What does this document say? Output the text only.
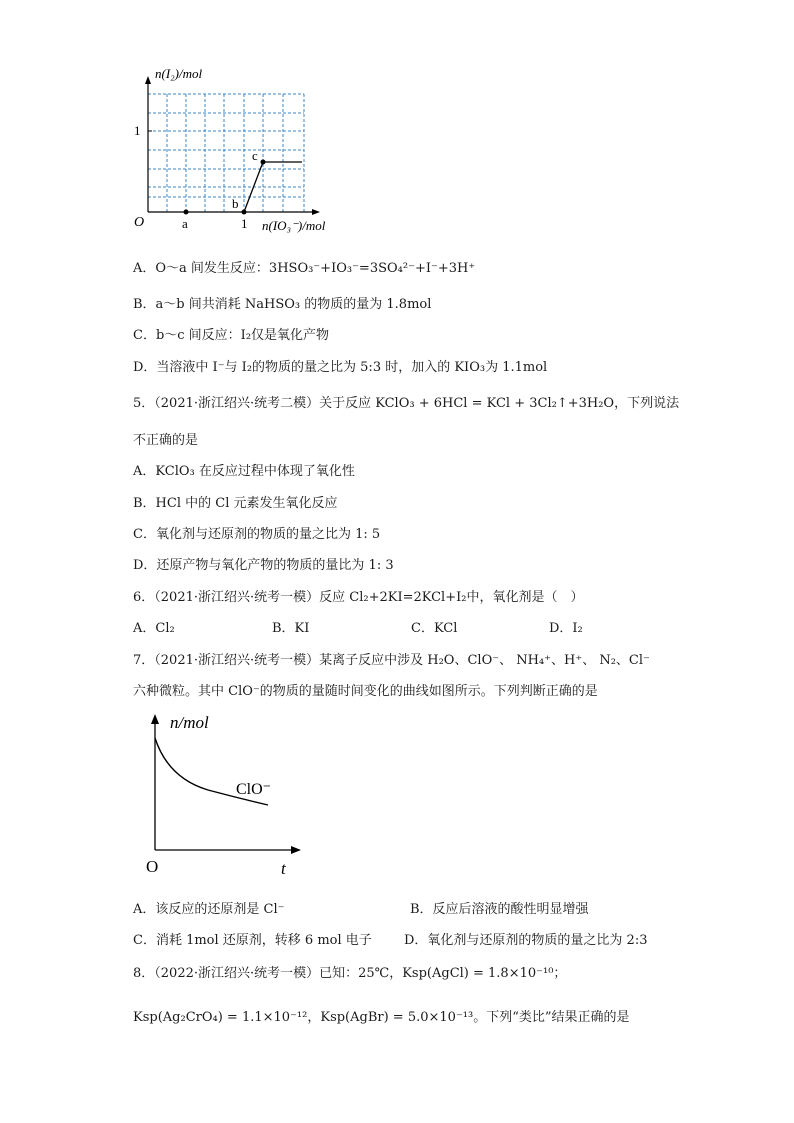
n(I₂)/mol
1
O	a	1
b
c
n(IO₃⁻)/mol
A．O～a 间发生反应：3HSO₃⁻+IO₃⁻=3SO₄²⁻+I⁻+3H⁺
B．a～b 间共消耗 NaHSO₃ 的物质的量为 1.8mol
C．b～c 间反应：I₂仅是氧化产物
D．当溶液中 I⁻与 I₂的物质的量之比为 5:3 时，加入的 KIO₃为 1.1mol
5．（2021·浙江绍兴·统考二模）关于反应 KClO₃ + 6HCl = KCl + 3Cl₂↑+3H₂O，下列说法
不正确的是
A．KClO₃ 在反应过程中体现了氧化性
B．HCl 中的 Cl 元素发生氧化反应
C．氧化剂与还原剂的物质的量之比为 1: 5
D．还原产物与氧化产物的物质的量比为 1: 3
6．（2021·浙江绍兴·统考一模）反应 Cl₂+2KI=2KCl+I₂中，氧化剂是（　）
A．Cl₂	B．KI	C．KCl	D．I₂
7．（2021·浙江绍兴·统考一模）某离子反应中涉及 H₂O、ClO⁻、 NH₄⁺、H⁺、 N₂、Cl⁻
六种微粒。其中 ClO⁻的物质的量随时间变化的曲线如图所示。下列判断正确的是
n/mol
ClO⁻
O	t
A．该反应的还原剂是 Cl⁻	B．反应后溶液的酸性明显增强
C．消耗 1mol 还原剂，转移 6 mol 电子 D．氧化剂与还原剂的物质的量之比为 2:3
8．（2022·浙江绍兴·统考一模）已知：25℃，Ksp(AgCl) = 1.8×10⁻¹⁰；
Ksp(Ag₂CrO₄) = 1.1×10⁻¹²，Ksp(AgBr) = 5.0×10⁻¹³。下列“类比”结果正确的是
